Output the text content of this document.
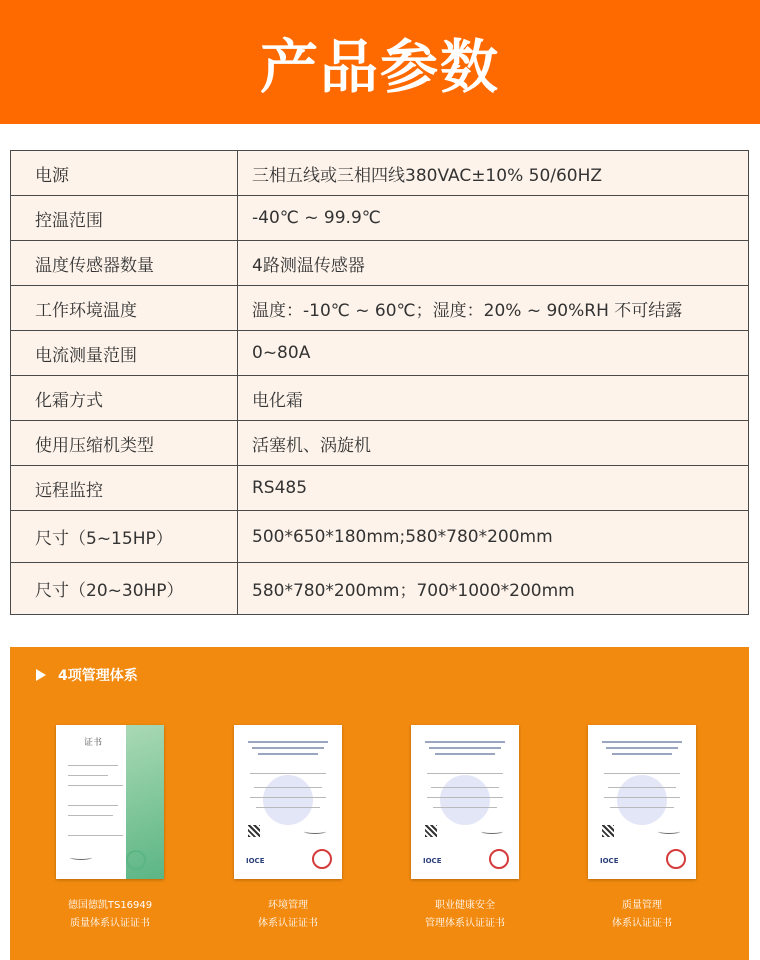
产品参数
电源	三相五线或三相四线380VAC±10% 50/60HZ
控温范围	-40℃ ~ 99.9℃
温度传感器数量	4路测温传感器
工作环境温度	温度：-10℃ ~ 60℃；湿度：20% ~ 90%RH 不可结露
电流测量范围	0~80A
化霜方式	电化霜
使用压缩机类型	活塞机、涡旋机
远程监控	RS485
尺寸（5~15HP）	500*650*180mm;580*780*200mm
尺寸（20~30HP）	580*780*200mm；700*1000*200mm
4项管理体系
证书
德国德凯TS16949
质量体系认证证书
IOCE
环境管理
体系认证证书
IOCE
职业健康安全
管理体系认证证书
IOCE
质量管理
体系认证证书
